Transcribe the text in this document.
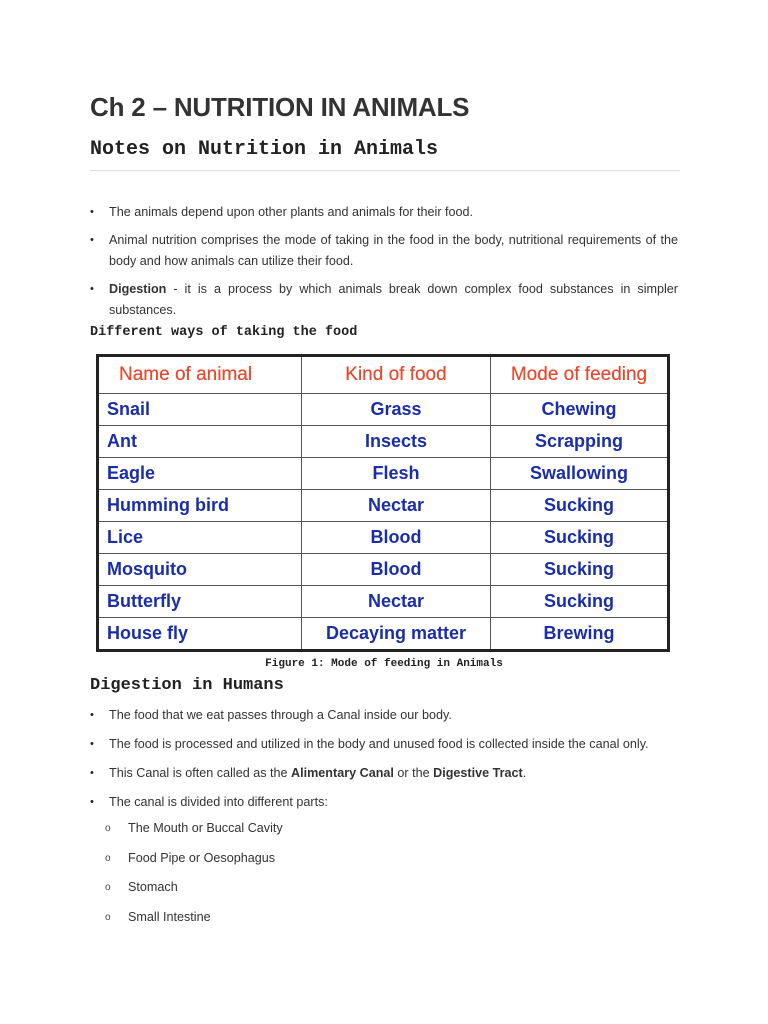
Ch 2 – NUTRITION IN ANIMALS
Notes on Nutrition in Animals
• The animals depend upon other plants and animals for their food.
• Animal nutrition comprises the mode of taking in the food in the body, nutritional requirements of the body and how animals can utilize their food.
• Digestion - it is a process by which animals break down complex food substances in simpler substances.
Different ways of taking the food
Name of animal	Kind of food	Mode of feeding
Snail	Grass	Chewing
Ant	Insects	Scrapping
Eagle	Flesh	Swallowing
Humming bird	Nectar	Sucking
Lice	Blood	Sucking
Mosquito	Blood	Sucking
Butterfly	Nectar	Sucking
House fly	Decaying matter	Brewing

Figure 1: Mode of feeding in Animals

Digestion in Humans
• The food that we eat passes through a Canal inside our body.
• The food is processed and utilized in the body and unused food is collected inside the canal only.
• This Canal is often called as the Alimentary Canal or the Digestive Tract.
• The canal is divided into different parts:
o The Mouth or Buccal Cavity
o Food Pipe or Oesophagus
o Stomach
o Small Intestine
